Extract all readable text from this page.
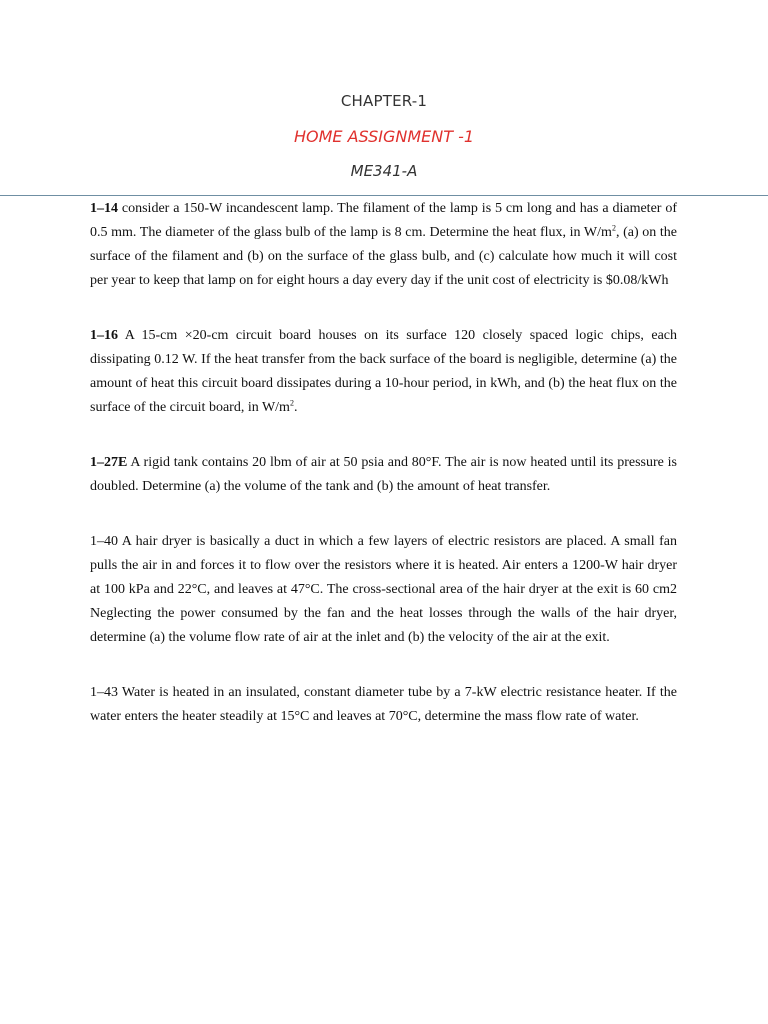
CHAPTER-1
HOME ASSIGNMENT -1
ME341-A

1–14 consider a 150-W incandescent lamp. The filament of the lamp is 5 cm long and has a diameter of 0.5 mm. The diameter of the glass bulb of the lamp is 8 cm. Determine the heat flux, in $W/m^2$, (a) on the surface of the filament and (b) on the surface of the glass bulb, and (c) calculate how much it will cost per year to keep that lamp on for eight hours a day every day if the unit cost of electricity is $0.08/kWh

1–16 A 15-cm ×20-cm circuit board houses on its surface 120 closely spaced logic chips, each dissipating 0.12 W. If the heat transfer from the back surface of the board is negligible, determine (a) the amount of heat this circuit board dissipates during a 10-hour period, in kWh, and (b) the heat flux on the surface of the circuit board, in $W/m^2$.

1–27E A rigid tank contains 20 lbm of air at 50 psia and 80°F. The air is now heated until its pressure is doubled. Determine (a) the volume of the tank and (b) the amount of heat transfer.

1–40 A hair dryer is basically a duct in which a few layers of electric resistors are placed. A small fan pulls the air in and forces it to flow over the resistors where it is heated. Air enters a 1200-W hair dryer at 100 kPa and 22°C, and leaves at 47°C. The cross-sectional area of the hair dryer at the exit is 60 cm2 Neglecting the power consumed by the fan and the heat losses through the walls of the hair dryer, determine (a) the volume flow rate of air at the inlet and (b) the velocity of the air at the exit.

1–43 Water is heated in an insulated, constant diameter tube by a 7-kW electric resistance heater. If the water enters the heater steadily at 15°C and leaves at 70°C, determine the mass flow rate of water.
